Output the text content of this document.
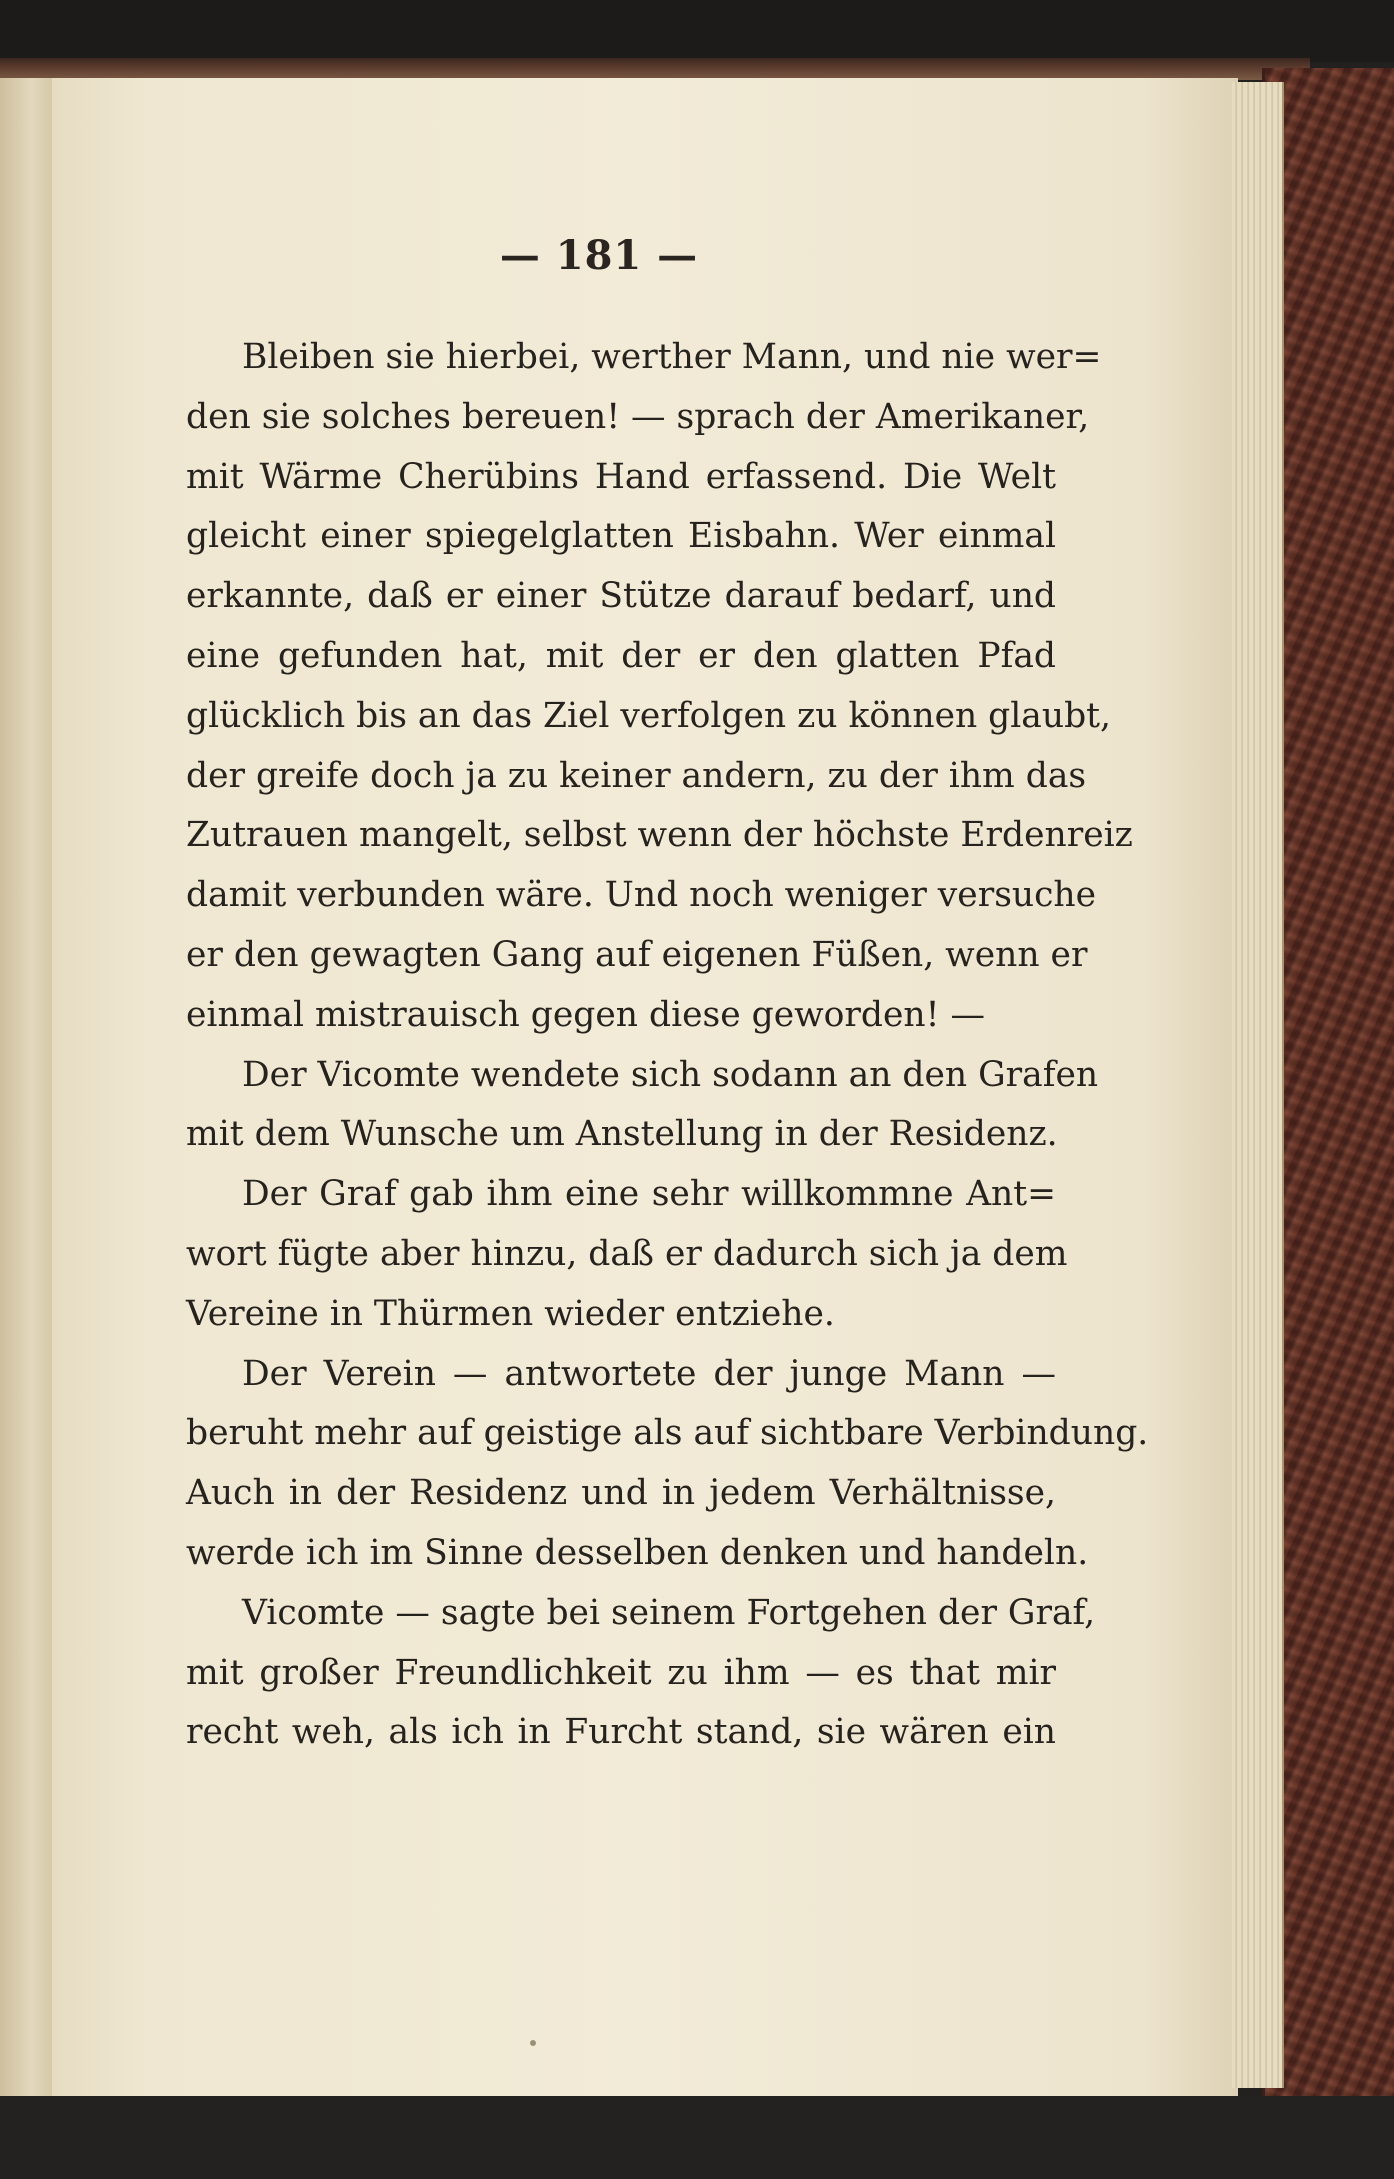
— 181 —
Bleiben sie hierbei, werther Mann, und nie wer=
den sie solches bereuen! — sprach der Amerikaner,
mit Wärme Cherübins Hand erfassend. Die Welt
gleicht einer spiegelglatten Eisbahn. Wer einmal
erkannte, daß er einer Stütze darauf bedarf, und
eine gefunden hat, mit der er den glatten Pfad
glücklich bis an das Ziel verfolgen zu können glaubt,
der greife doch ja zu keiner andern, zu der ihm das
Zutrauen mangelt, selbst wenn der höchste Erdenreiz
damit verbunden wäre. Und noch weniger versuche
er den gewagten Gang auf eigenen Füßen, wenn er
einmal mistrauisch gegen diese geworden! —
Der Vicomte wendete sich sodann an den Grafen
mit dem Wunsche um Anstellung in der Residenz.
Der Graf gab ihm eine sehr willkommne Ant=
wort fügte aber hinzu, daß er dadurch sich ja dem
Vereine in Thürmen wieder entziehe.
Der Verein — antwortete der junge Mann —
beruht mehr auf geistige als auf sichtbare Verbindung.
Auch in der Residenz und in jedem Verhältnisse,
werde ich im Sinne desselben denken und handeln.
Vicomte — sagte bei seinem Fortgehen der Graf,
mit großer Freundlichkeit zu ihm — es that mir
recht weh, als ich in Furcht stand, sie wären ein
